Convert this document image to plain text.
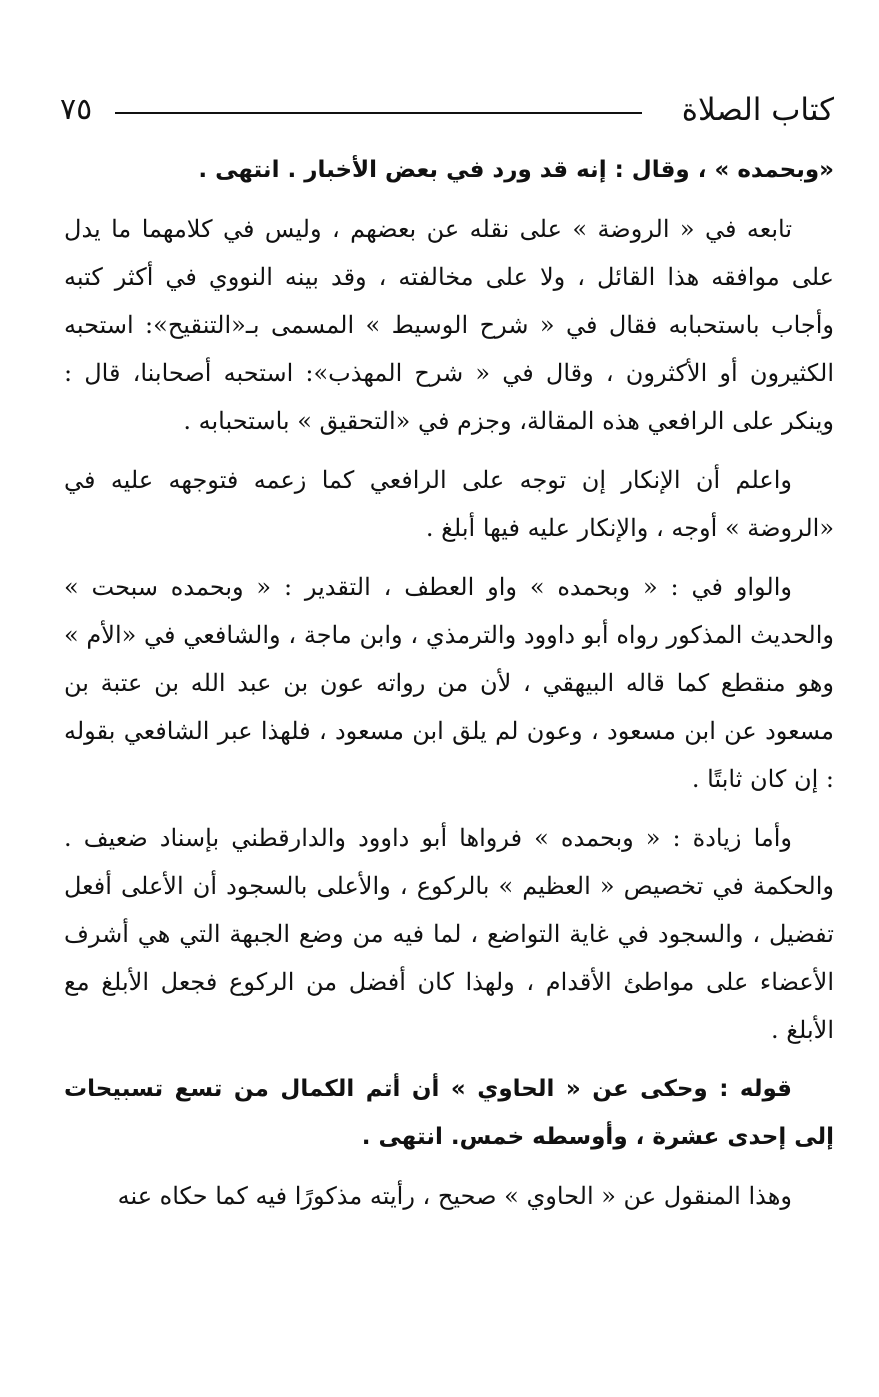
كتاب الصلاة
٧٥

«وبحمده » ، وقال : إنه قد ورد في بعض الأخبار . انتهى .

تابعه في « الروضة » على نقله عن بعضهم ، وليس في كلامهما ما يدل على موافقه هذا القائل ، ولا على مخالفته ، وقد بينه النووي في أكثر كتبه وأجاب باستحبابه فقال في « شرح الوسيط » المسمى بـ«التنقيح»: استحبه الكثيرون أو الأكثرون ، وقال في « شرح المهذب»: استحبه أصحابنا، قال : وينكر على الرافعي هذه المقالة، وجزم في «التحقيق » باستحبابه .

واعلم أن الإنكار إن توجه على الرافعي كما زعمه فتوجهه عليه في «الروضة » أوجه ، والإنكار عليه فيها أبلغ .

والواو في : « وبحمده » واو العطف ، التقدير : « وبحمده سبحت » والحديث المذكور رواه أبو داوود والترمذي ، وابن ماجة ، والشافعي في «الأم » وهو منقطع كما قاله البيهقي ، لأن من رواته عون بن عبد الله بن عتبة بن مسعود عن ابن مسعود ، وعون لم يلق ابن مسعود ، فلهذا عبر الشافعي بقوله : إن كان ثابتًا .

وأما زيادة : « وبحمده » فرواها أبو داوود والدارقطني بإسناد ضعيف . والحكمة في تخصيص « العظيم » بالركوع ، والأعلى بالسجود أن الأعلى أفعل تفضيل ، والسجود في غاية التواضع ، لما فيه من وضع الجبهة التي هي أشرف الأعضاء على مواطئ الأقدام ، ولهذا كان أفضل من الركوع فجعل الأبلغ مع الأبلغ .

قوله : وحكى عن « الحاوي » أن أتم الكمال من تسع تسبيحات إلى إحدى عشرة ، وأوسطه خمس. انتهى .

وهذا المنقول عن « الحاوي » صحيح ، رأيته مذكورًا فيه كما حكاه عنه
